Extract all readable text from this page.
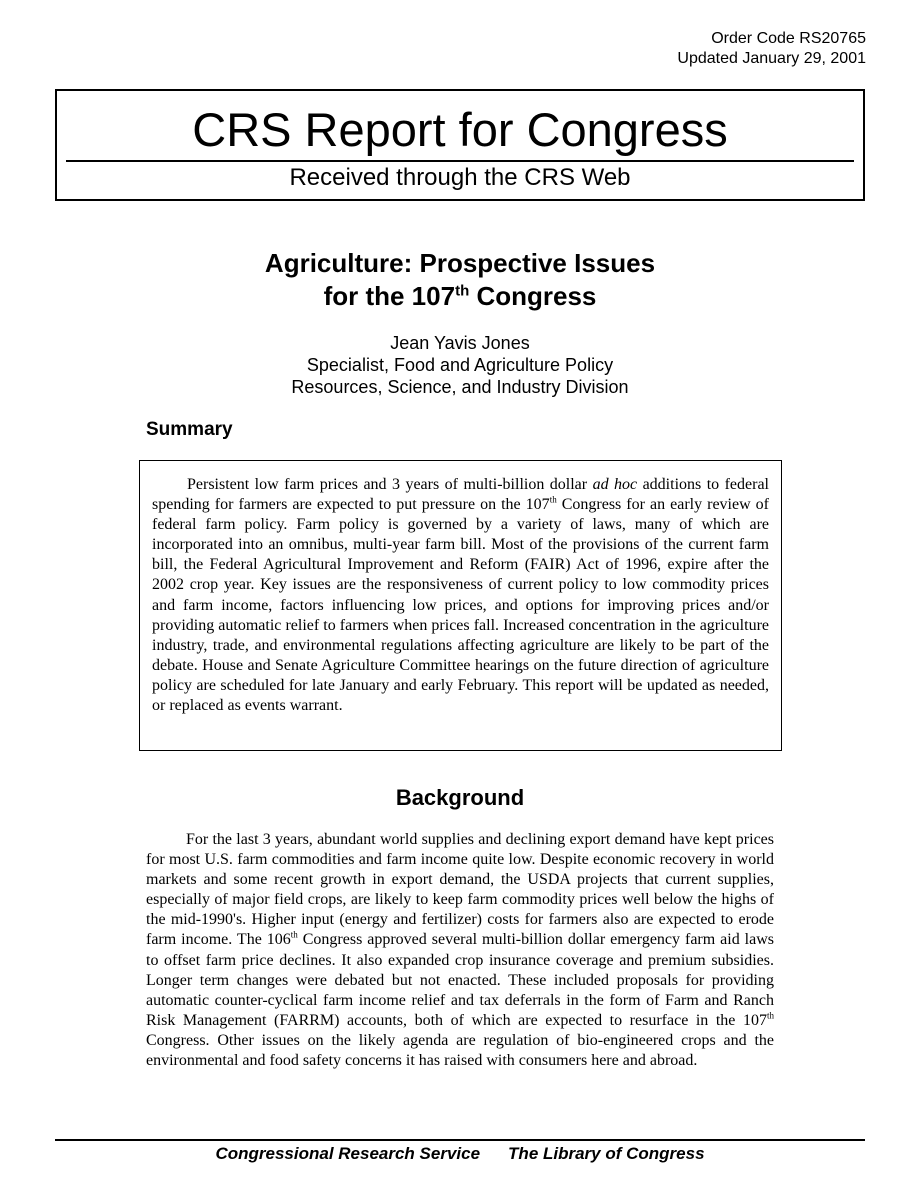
Order Code RS20765
Updated January 29, 2001
CRS Report for Congress
Received through the CRS Web
Agriculture: Prospective Issues
for the 107th Congress
Jean Yavis Jones
Specialist, Food and Agriculture Policy
Resources, Science, and Industry Division
Summary

Persistent low farm prices and 3 years of multi-billion dollar ad hoc additions to federal spending for farmers are expected to put pressure on the 107th Congress for an early review of federal farm policy. Farm policy is governed by a variety of laws, many of which are incorporated into an omnibus, multi-year farm bill. Most of the provisions of the current farm bill, the Federal Agricultural Improvement and Reform (FAIR) Act of 1996, expire after the 2002 crop year. Key issues are the responsiveness of current policy to low commodity prices and farm income, factors influencing low prices, and options for improving prices and/or providing automatic relief to farmers when prices fall. Increased concentration in the agriculture industry, trade, and environmental regulations affecting agriculture are likely to be part of the debate. House and Senate Agriculture Committee hearings on the future direction of agriculture policy are scheduled for late January and early February. This report will be updated as needed, or replaced as events warrant.

Background

For the last 3 years, abundant world supplies and declining export demand have kept prices for most U.S. farm commodities and farm income quite low. Despite economic recovery in world markets and some recent growth in export demand, the USDA projects that current supplies, especially of major field crops, are likely to keep farm commodity prices well below the highs of the mid-1990's. Higher input (energy and fertilizer) costs for farmers also are expected to erode farm income. The 106th Congress approved several multi-billion dollar emergency farm aid laws to offset farm price declines. It also expanded crop insurance coverage and premium subsidies. Longer term changes were debated but not enacted. These included proposals for providing automatic counter-cyclical farm income relief and tax deferrals in the form of Farm and Ranch Risk Management (FARRM) accounts, both of which are expected to resurface in the 107th Congress. Other issues on the likely agenda are regulation of bio-engineered crops and the environmental and food safety concerns it has raised with consumers here and abroad.

Congressional Research Service The Library of Congress
